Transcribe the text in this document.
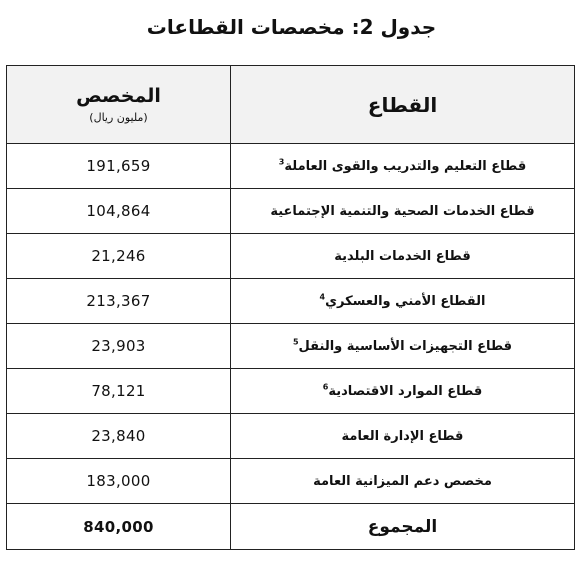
جدول 2: مخصصات القطاعات
القطاع	المخصص
(مليون ريال)

قطاع التعليم والتدريب والقوى العاملة$^3$	191,659
قطاع الخدمات الصحية والتنمية الإجتماعية	104,864
قطاع الخدمات البلدية	21,246
القطاع الأمني والعسكري$^4$	213,367
قطاع التجهيزات الأساسية والنقل$^5$	23,903
قطاع الموارد الاقتصادية$^6$	78,121
قطاع الإدارة العامة	23,840
مخصص دعم الميزانية العامة	183,000
المجموع	840,000
